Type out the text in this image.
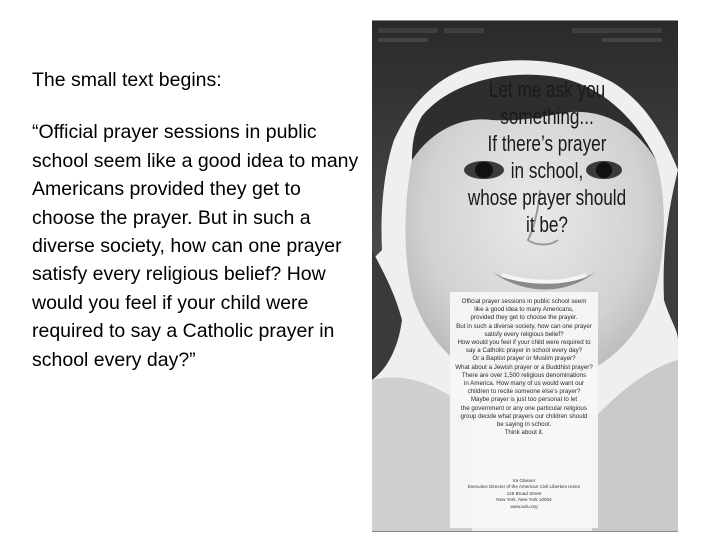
The small text begins:

“Official prayer sessions in public school seem like a good idea to many Americans provided they get to choose the prayer. But in such a diverse society, how can one prayer satisfy every religious belief? How would you feel if your child were required to say a Catholic prayer in school every day?”

Let me ask you
something...
If there’s prayer
in school,
whose prayer should
it be?
Official prayer sessions in public school seem
like a good idea to many Americans,
provided they get to choose the prayer.
But in such a diverse society, how can one prayer
satisfy every religious belief?
How would you feel if your child were required to
say a Catholic prayer in school every day?
Or a Baptist prayer or Muslim prayer?
What about a Jewish prayer or a Buddhist prayer?
There are over 1,500 religious denominations
in America. How many of us would want our
children to recite someone else’s prayer?
Maybe prayer is just too personal to let
the government or any one particular religious
group decide what prayers our children should
be saying in school.
Think about it.
Ira Glasser
Executive Director of the American Civil Liberties Union
125 Broad Street
New York, New York 10004
www.aclu.org
